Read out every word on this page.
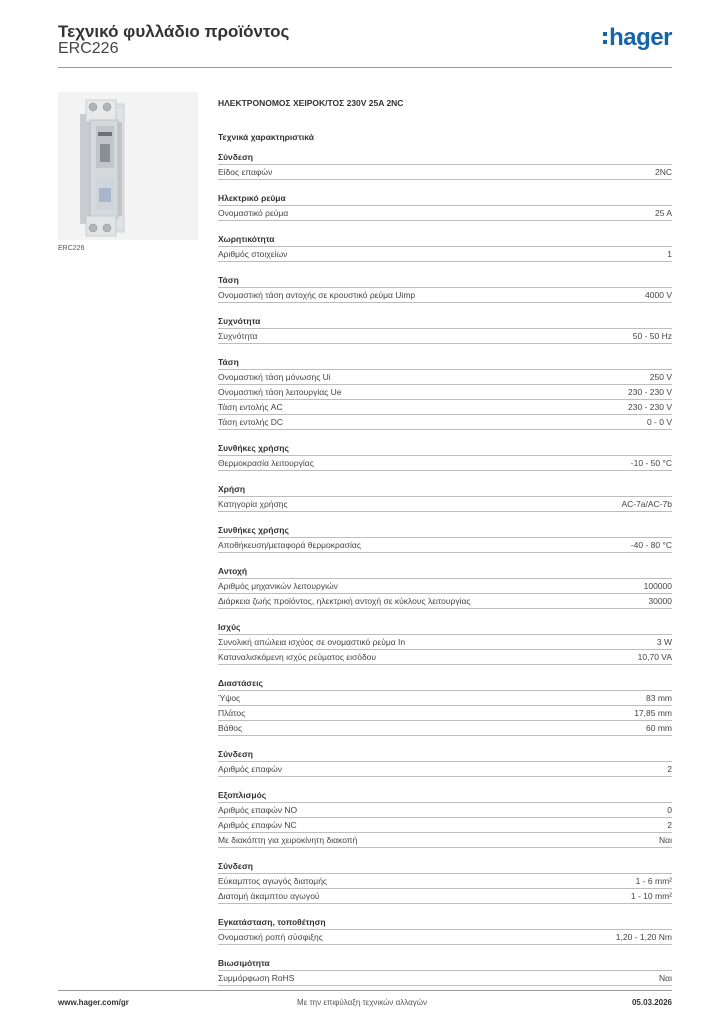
Τεχνικό φυλλάδιο προϊόντος
ERC226	hager
ERC226
ΗΛΕΚΤΡΟΝΟΜΟΣ ΧΕΙΡΟΚ/ΤΟΣ 230V 25A 2NC
Τεχνικά χαρακτηριστικά
Σύνδεση
Είδος επαφών	2NC
Ηλεκτρικό ρεύμα
Ονομαστικό ρεύμα	25 A
Χωρητικότητα
Αριθμός στοιχείων	1
Τάση
Ονομαστική τάση αντοχής σε κρουστικό ρεύμα Uimp	4000 V
Συχνότητα
Συχνότητα	50 - 50 Hz
Τάση
Ονομαστική τάση μόνωσης Ui	250 V
Ονομαστική τάση λειτουργίας Ue	230 - 230 V
Τάση εντολής AC	230 - 230 V
Τάση εντολής DC	0 - 0 V
Συνθήκες χρήσης
Θερμοκρασία λειτουργίας	-10 - 50 °C
Χρήση
Κατηγορία χρήσης	AC-7a/AC-7b
Συνθήκες χρήσης
Αποθήκευση/μεταφορά θερμοκρασίας	-40 - 80 °C
Αντοχή
Αριθμός μηχανικών λειτουργιών	100000
Διάρκεια ζωής προϊόντος, ηλεκτρική αντοχή σε κύκλους λειτουργίας	30000
Ισχύς
Συνολική απώλεια ισχύος σε ονομαστικό ρεύμα In	3 W
Καταναλισκόμενη ισχύς ρεύματος εισόδου	10,70 VA
Διαστάσεις
Ύψος	83 mm
Πλάτος	17,85 mm
Βάθος	60 mm
Σύνδεση
Αριθμός επαφών	2
Εξοπλισμός
Αριθμός επαφών NO	0
Αριθμός επαφών NC	2
Με διακόπτη για χειροκίνητη διακοπή	Ναι
Σύνδεση
Εύκαμπτος αγωγός διατομής	1 - 6 mm²
Διατομή άκαμπτου αγωγού	1 - 10 mm²
Εγκατάσταση, τοποθέτηση
Ονομαστική ροπή σύσφιξης	1,20 - 1,20 Nm
Βιωσιμότητα
Συμμόρφωση RoHS	Ναι
www.hager.com/gr	Με την επιφύλαξη τεχνικών αλλαγών	05.03.2026
